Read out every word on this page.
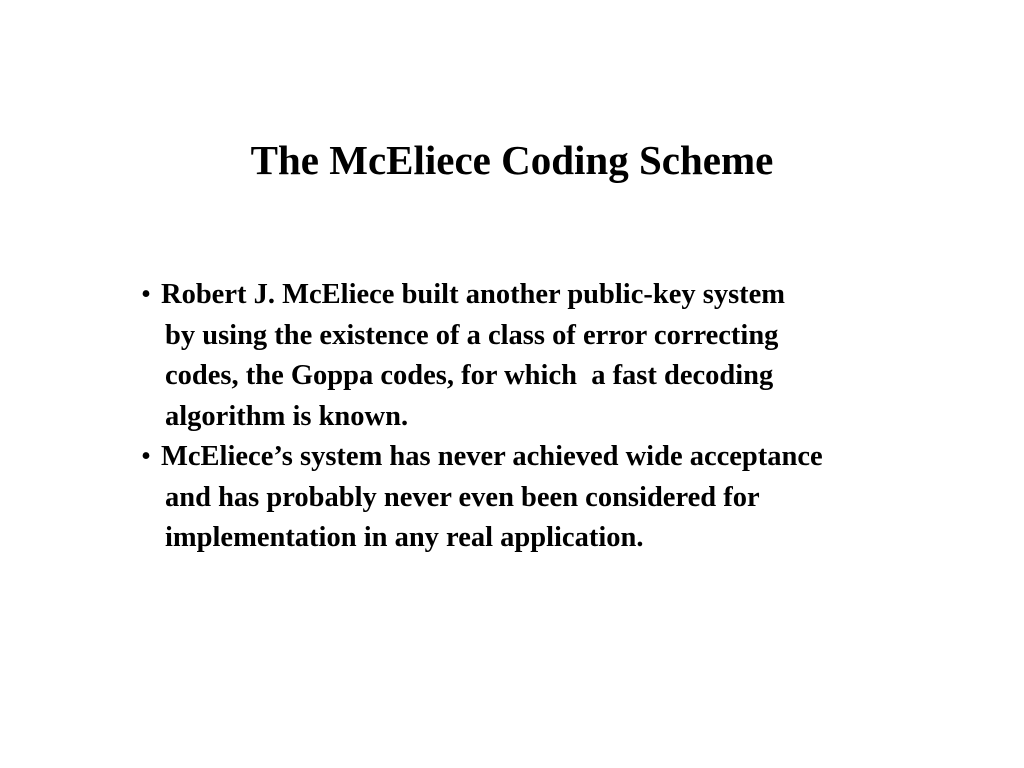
The McEliece Coding Scheme
• Robert J. McEliece built another public-key system
by using the existence of a class of error correcting
codes, the Goppa codes, for which  a fast decoding
algorithm is known.
• McEliece’s system has never achieved wide acceptance
and has probably never even been considered for
implementation in any real application.
